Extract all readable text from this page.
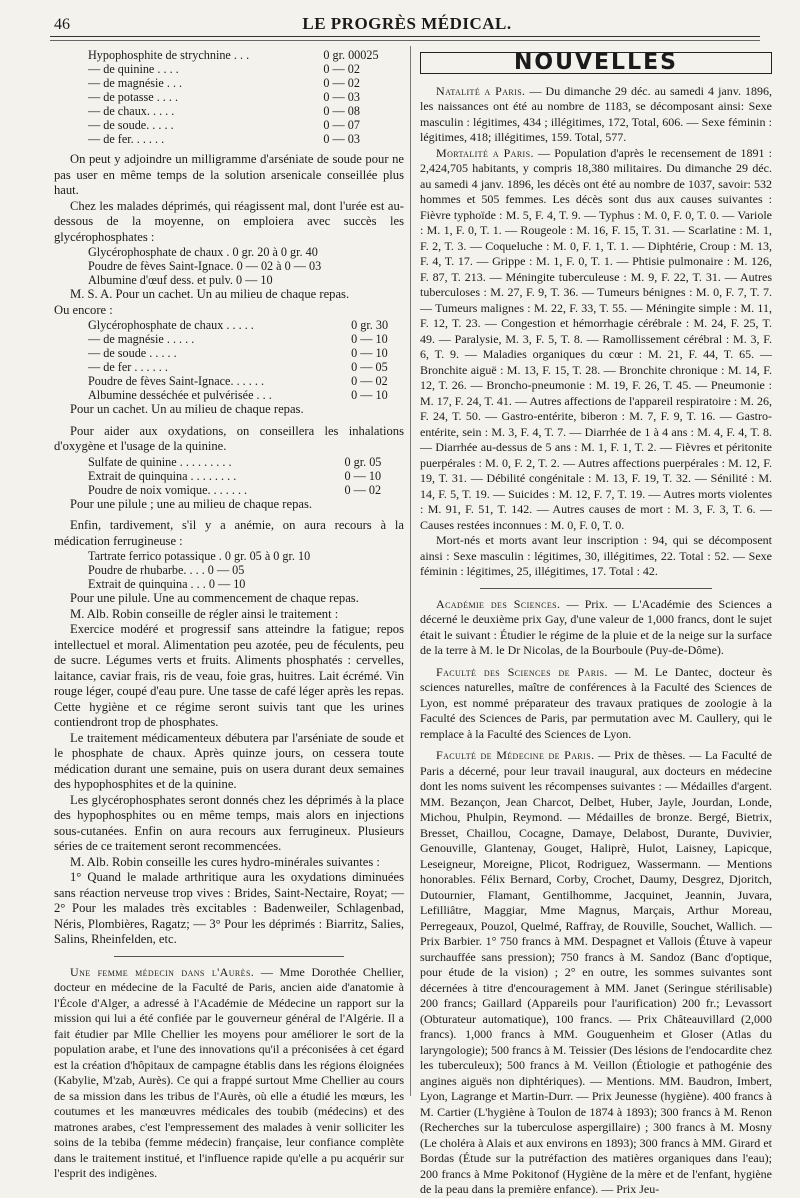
46	LE PROGRÈS MÉDICAL.
Hypophosphite de strychnine . . .	0 gr. 00025
— de quinine . . . .	0 — 02
— de magnésie . . .	0 — 02
— de potasse . . . .	0 — 03
— de chaux. . . . .	0 — 08
— de soude. . . . .	0 — 07
— de fer. . . . . .	0 — 03

On peut y adjoindre un milligramme d'arséniate de soude pour ne pas user en même temps de la solution arsenicale conseillée plus haut.

Chez les malades déprimés, qui réagissent mal, dont l'urée est au-dessous de la moyenne, on emploiera avec succès les glycérophosphates :

Glycérophosphate de chaux . 0 gr. 20 à 0 gr. 40
Poudre de fèves Saint-Ignace. 0 — 02 à 0 — 03
Albumine d'œuf dess. et pulv. 0 — 10

M. S. A. Pour un cachet. Un au milieu de chaque repas.

Ou encore :

Glycérophosphate de chaux . . . . .	0 gr. 30
— de magnésie . . . . .	0 — 10
— de soude . . . . .	0 — 10
— de fer . . . . . .	0 — 05
Poudre de fèves Saint-Ignace. . . . . .	0 — 02
Albumine desséchée et pulvérisée . . .	0 — 10

Pour un cachet. Un au milieu de chaque repas.

Pour aider aux oxydations, on conseillera les inhalations d'oxygène et l'usage de la quinine.

Sulfate de quinine . . . . . . . . .	0 gr. 05
Extrait de quinquina . . . . . . . .	0 — 10
Poudre de noix vomique. . . . . . .	0 — 02

Pour une pilule ; une au milieu de chaque repas.

Enfin, tardivement, s'il y a anémie, on aura recours à la médication ferrugineuse :

Tartrate ferrico potassique . 0 gr. 05 à 0 gr. 10
Poudre de rhubarbe. . . . 0 — 05
Extrait de quinquina . . . 0 — 10

Pour une pilule. Une au commencement de chaque repas.

M. Alb. Robin conseille de régler ainsi le traitement :

Exercice modéré et progressif sans atteindre la fatigue; repos intellectuel et moral. Alimentation peu azotée, peu de féculents, peu de sucre. Légumes verts et fruits. Aliments phosphatés : cervelles, laitance, caviar frais, ris de veau, foie gras, huitres. Lait écrémé. Vin rouge léger, coupé d'eau pure. Une tasse de café léger après les repas. Cette hygiène et ce régime seront suivis tant que les urines contiendront trop de phosphates.

Le traitement médicamenteux débutera par l'arséniate de soude et le phosphate de chaux. Après quinze jours, on cessera toute médication durant une semaine, puis on usera durant deux semaines des hypophosphites et de la quinine.

Les glycérophosphates seront donnés chez les déprimés à la place des hypophosphites ou en même temps, mais alors en injections sous-cutanées. Enfin on aura recours aux ferrugineux. Plusieurs séries de ce traitement seront recommencées.

M. Alb. Robin conseille les cures hydro-minérales suivantes :

1° Quand le malade arthritique aura les oxydations diminuées sans réaction nerveuse trop vives : Brides, Saint-Nectaire, Royat; — 2° Pour les malades très excitables : Badenweiler, Schlagenbad, Néris, Plombières, Ragatz; — 3° Pour les déprimés : Biarritz, Salies, Salins, Rheinfelden, etc.

Une femme médecin dans l'Aurès. — Mme Dorothée Chellier, docteur en médecine de la Faculté de Paris, ancien aide d'anatomie à l'École d'Alger, a adressé à l'Académie de Médecine un rapport sur la mission qui lui a été confiée par le gouverneur général de l'Algérie. Il a fait étudier par Mlle Chellier les moyens pour améliorer le sort de la population arabe, et l'une des innovations qu'il a préconisées à cet égard est la création d'hôpitaux de campagne établis dans les régions éloignées (Kabylie, M'zab, Aurès). Ce qui a frappé surtout Mme Chellier au cours de sa mission dans les tribus de l'Aurès, où elle a étudié les mœurs, les coutumes et les manœuvres médicales des toubib (médecins) et des matrones arabes, c'est l'empressement des malades à venir solliciter les soins de la tebiba (femme médecin) française, leur confiance complète dans le traitement institué, et l'influence rapide qu'elle a pu acquérir sur l'esprit des indigènes.

NOUVELLES

Natalité a Paris. — Du dimanche 29 déc. au samedi 4 janv. 1896, les naissances ont été au nombre de 1183, se décomposant ainsi: Sexe masculin : légitimes, 434 ; illégitimes, 172, Total, 606. — Sexe féminin : légitimes, 418; illégitimes, 159. Total, 577.

Mortalité a Paris. — Population d'après le recensement de 1891 : 2,424,705 habitants, y compris 18,380 militaires. Du dimanche 29 déc. au samedi 4 janv. 1896, les décès ont été au nombre de 1037, savoir: 532 hommes et 505 femmes. Les décès sont dus aux causes suivantes : Fièvre typhoïde : M. 5, F. 4, T. 9. — Typhus : M. 0, F. 0, T. 0. — Variole : M. 1, F. 0, T. 1. — Rougeole : M. 16, F. 15, T. 31. — Scarlatine : M. 1, F. 2, T. 3. — Coqueluche : M. 0, F. 1, T. 1. — Diphtérie, Croup : M. 13, F. 4, T. 17. — Grippe : M. 1, F. 0, T. 1. — Phtisie pulmonaire : M. 126, F. 87, T. 213. — Méningite tuberculeuse : M. 9, F. 22, T. 31. — Autres tuberculoses : M. 27, F. 9, T. 36. — Tumeurs bénignes : M. 0, F. 7, T. 7. — Tumeurs malignes : M. 22, F. 33, T. 55. — Méningite simple : M. 11, F. 12, T. 23. — Congestion et hémorrhagie cérébrale : M. 24, F. 25, T. 49. — Paralysie, M. 3, F. 5, T. 8. — Ramollissement cérébral : M. 3, F. 6, T. 9. — Maladies organiques du cœur : M. 21, F. 44, T. 65. — Bronchite aiguë : M. 13, F. 15, T. 28. — Bronchite chronique : M. 14, F. 12, T. 26. — Broncho-pneumonie : M. 19, F. 26, T. 45. — Pneumonie : M. 17, F. 24, T. 41. — Autres affections de l'appareil respiratoire : M. 26, F. 24, T. 50. — Gastro-entérite, biberon : M. 7, F. 9, T. 16. — Gastro-entérite, sein : M. 3, F. 4, T. 7. — Diarrhée de 1 à 4 ans : M. 4, F. 4, T. 8. — Diarrhée au-dessus de 5 ans : M. 1, F. 1, T. 2. — Fièvres et péritonite puerpérales : M. 0, F. 2, T. 2. — Autres affections puerpérales : M. 12, F. 19, T. 31. — Débilité congénitale : M. 13, F. 19, T. 32. — Sénilité : M. 14, F. 5, T. 19. — Suicides : M. 12, F. 7, T. 19. — Autres morts violentes : M. 91, F. 51, T. 142. — Autres causes de mort : M. 3, F. 3, T. 6. — Causes restées inconnues : M. 0, F. 0, T. 0.

Mort-nés et morts avant leur inscription : 94, qui se décomposent ainsi : Sexe masculin : légitimes, 30, illégitimes, 22. Total : 52. — Sexe féminin : légitimes, 25, illégitimes, 17. Total : 42.

Académie des Sciences. — Prix. — L'Académie des Sciences a décerné le deuxième prix Gay, d'une valeur de 1,000 francs, dont le sujet était le suivant : Étudier le régime de la pluie et de la neige sur la surface de la terre à M. le Dr Nicolas, de la Bourboule (Puy-de-Dôme).

Faculté des Sciences de Paris. — M. Le Dantec, docteur ès sciences naturelles, maître de conférences à la Faculté des Sciences de Lyon, est nommé préparateur des travaux pratiques de zoologie à la Faculté des Sciences de Paris, par permutation avec M. Caullery, qui le remplace à la Faculté des Sciences de Lyon.

Faculté de Médecine de Paris. — Prix de thèses. — La Faculté de Paris a décerné, pour leur travail inaugural, aux docteurs en médecine dont les noms suivent les récompenses suivantes : — Médailles d'argent. MM. Bezançon, Jean Charcot, Delbet, Huber, Jayle, Jourdan, Londe, Michou, Phulpin, Reymond. — Médailles de bronze. Bergé, Bietrix, Bresset, Chaillou, Cocagne, Damaye, Delabost, Durante, Duvivier, Genouville, Glantenay, Gouget, Haliprè, Hulot, Laisney, Lapicque, Leseigneur, Moreigne, Plicot, Rodriguez, Wassermann. — Mentions honorables. Félix Bernard, Corby, Crochet, Daumy, Desgrez, Djoritch, Dutournier, Flamant, Gentilhomme, Jacquinet, Jeannin, Juvara, Lefilliâtre, Maggiar, Mme Magnus, Marçais, Arthur Moreau, Perregeaux, Pouzol, Quelmé, Raffray, de Rouville, Souchet, Wallich. — Prix Barbier. 1° 750 francs à MM. Despagnet et Vallois (Étuve à vapeur surchauffée sans pression); 750 francs à M. Sandoz (Banc d'optique, pour étude de la vision) ; 2° en outre, les sommes suivantes sont décernées à titre d'encouragement à MM. Janet (Seringue stérilisable) 200 francs; Gaillard (Appareils pour l'aurification) 200 fr.; Levassort (Obturateur automatique), 100 francs. — Prix Châteauvillard (2,000 francs). 1,000 francs à MM. Gouguenheim et Gloser (Atlas du laryngologie); 500 francs à M. Teissier (Des lésions de l'endocardite chez les tuberculeux); 500 francs à M. Veillon (Étiologie et pathogénie des angines aiguës non diphtériques). — Mentions. MM. Baudron, Imbert, Lyon, Lagrange et Martin-Durr. — Prix Jeunesse (hygiène). 400 francs à M. Cartier (L'hygiène à Toulon de 1874 à 1893); 300 francs à M. Renon (Recherches sur la tuberculose aspergillaire) ; 300 francs à M. Mosny (Le choléra à Alais et aux environs en 1893); 300 francs à MM. Girard et Bordas (Étude sur la putréfaction des matières organiques dans l'eau); 200 francs à Mme Pokitonof (Hygiène de la mère et de l'enfant, hygiène de la peau dans la première enfance). — Prix Jeu-
